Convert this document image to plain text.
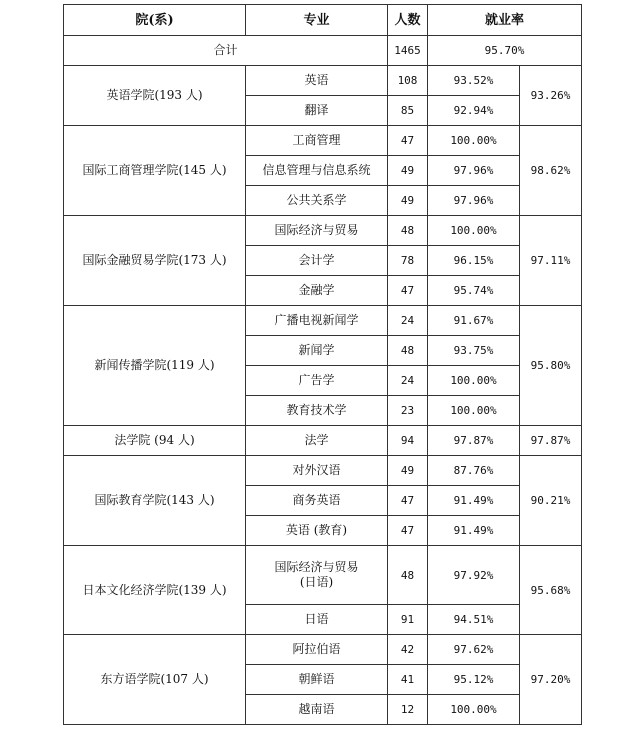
院(系)	专业	人数	就业率	
合计		1465	95.70%	
英语学院(193 人)	英语	108	93.52%	93.26%
	翻译	85	92.94%	
国际工商管理学院(145 人)	工商管理	47	100.00%	98.62%
	信息管理与信息系统	49	97.96%	
	公共关系学	49	97.96%	
国际金融贸易学院(173 人)	国际经济与贸易	48	100.00%	97.11%
	会计学	78	96.15%	
	金融学	47	95.74%	
新闻传播学院(119 人)	广播电视新闻学	24	91.67%	95.80%
	新闻学	48	93.75%	
	广告学	24	100.00%	
	教育技术学	23	100.00%	
法学院 (94 人)	法学	94	97.87%	97.87%
国际教育学院(143 人)	对外汉语	49	87.76%	90.21%
	商务英语	47	91.49%	
	英语 (教育)	47	91.49%	
日本文化经济学院(139 人)	国际经济与贸易
(日语)	48	97.92%	95.68%
	日语	91	94.51%	
东方语学院(107 人)	阿拉伯语	42	97.62%	97.20%
	朝鲜语	41	95.12%	
	越南语	12	100.00%	
